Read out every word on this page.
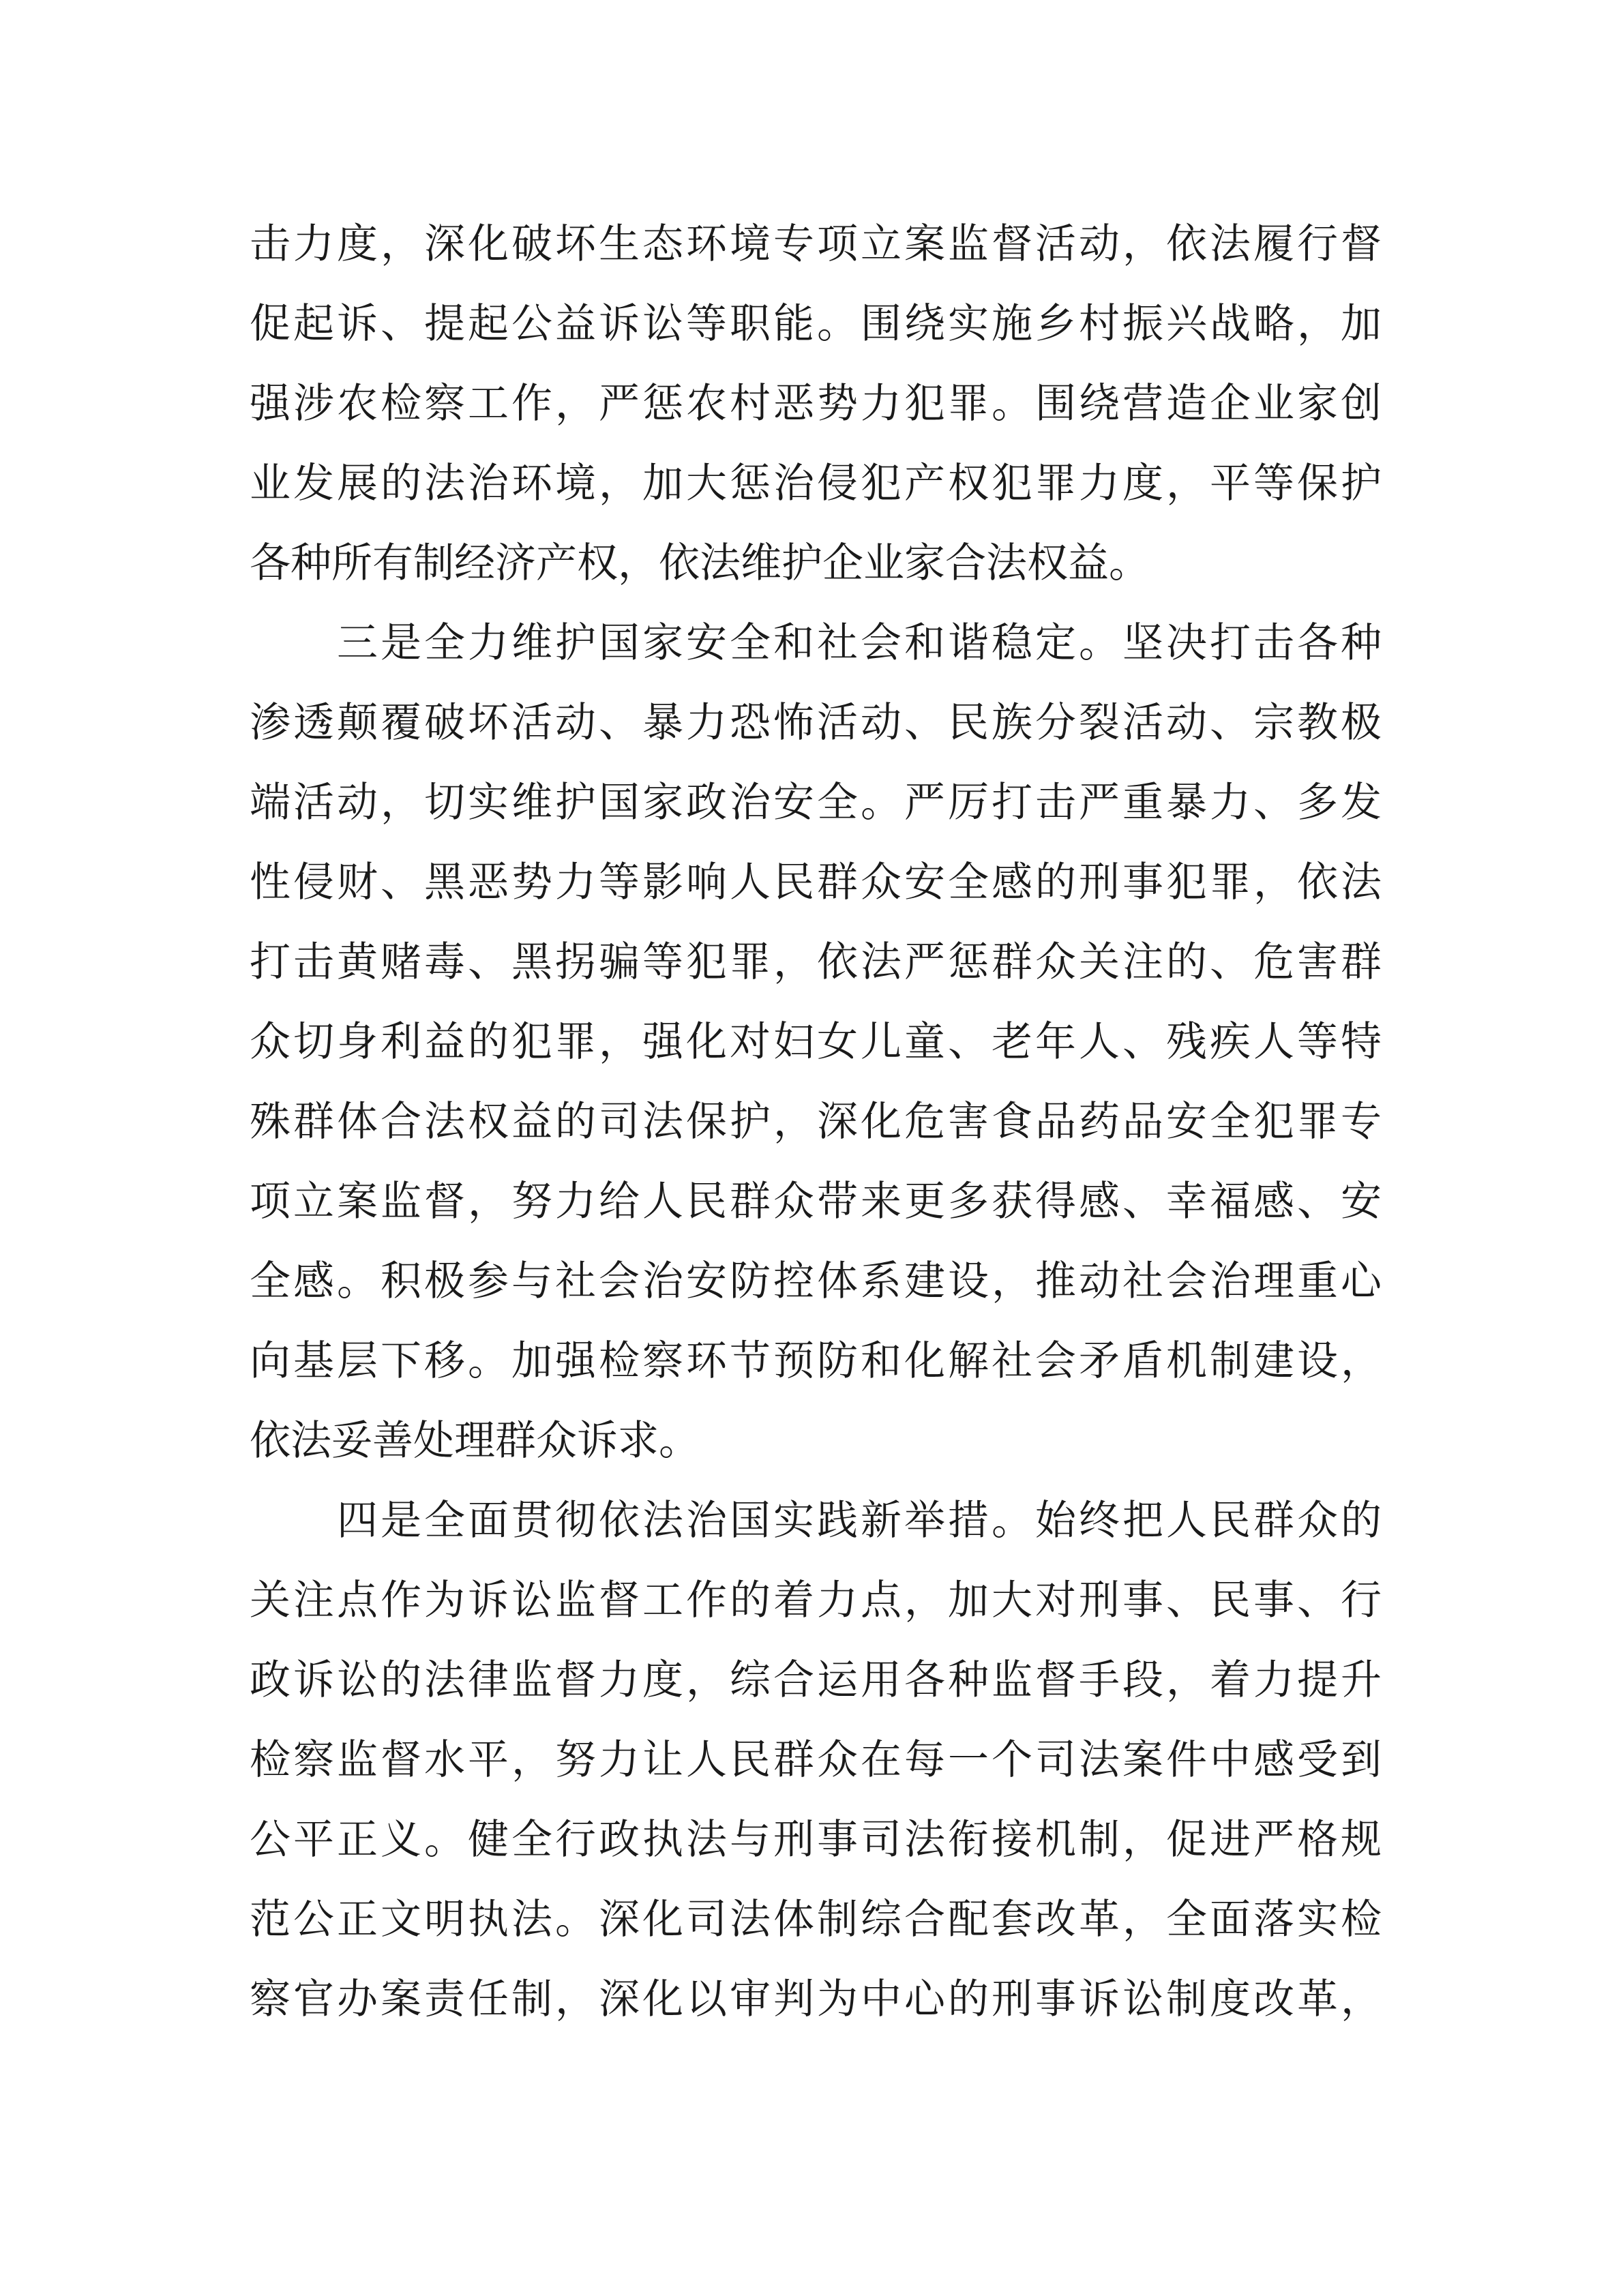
击力度，深化破坏生态环境专项立案监督活动，依法履行督
促起诉、提起公益诉讼等职能。围绕实施乡村振兴战略，加
强涉农检察工作，严惩农村恶势力犯罪。围绕营造企业家创
业发展的法治环境，加大惩治侵犯产权犯罪力度，平等保护
各种所有制经济产权，依法维护企业家合法权益。
三是全力维护国家安全和社会和谐稳定。坚决打击各种
渗透颠覆破坏活动、暴力恐怖活动、民族分裂活动、宗教极
端活动，切实维护国家政治安全。严厉打击严重暴力、多发
性侵财、黑恶势力等影响人民群众安全感的刑事犯罪，依法
打击黄赌毒、黑拐骗等犯罪，依法严惩群众关注的、危害群
众切身利益的犯罪，强化对妇女儿童、老年人、残疾人等特
殊群体合法权益的司法保护，深化危害食品药品安全犯罪专
项立案监督，努力给人民群众带来更多获得感、幸福感、安
全感。积极参与社会治安防控体系建设，推动社会治理重心
向基层下移。加强检察环节预防和化解社会矛盾机制建设，
依法妥善处理群众诉求。
四是全面贯彻依法治国实践新举措。始终把人民群众的
关注点作为诉讼监督工作的着力点，加大对刑事、民事、行
政诉讼的法律监督力度，综合运用各种监督手段，着力提升
检察监督水平，努力让人民群众在每一个司法案件中感受到
公平正义。健全行政执法与刑事司法衔接机制，促进严格规
范公正文明执法。深化司法体制综合配套改革，全面落实检
察官办案责任制，深化以审判为中心的刑事诉讼制度改革，
